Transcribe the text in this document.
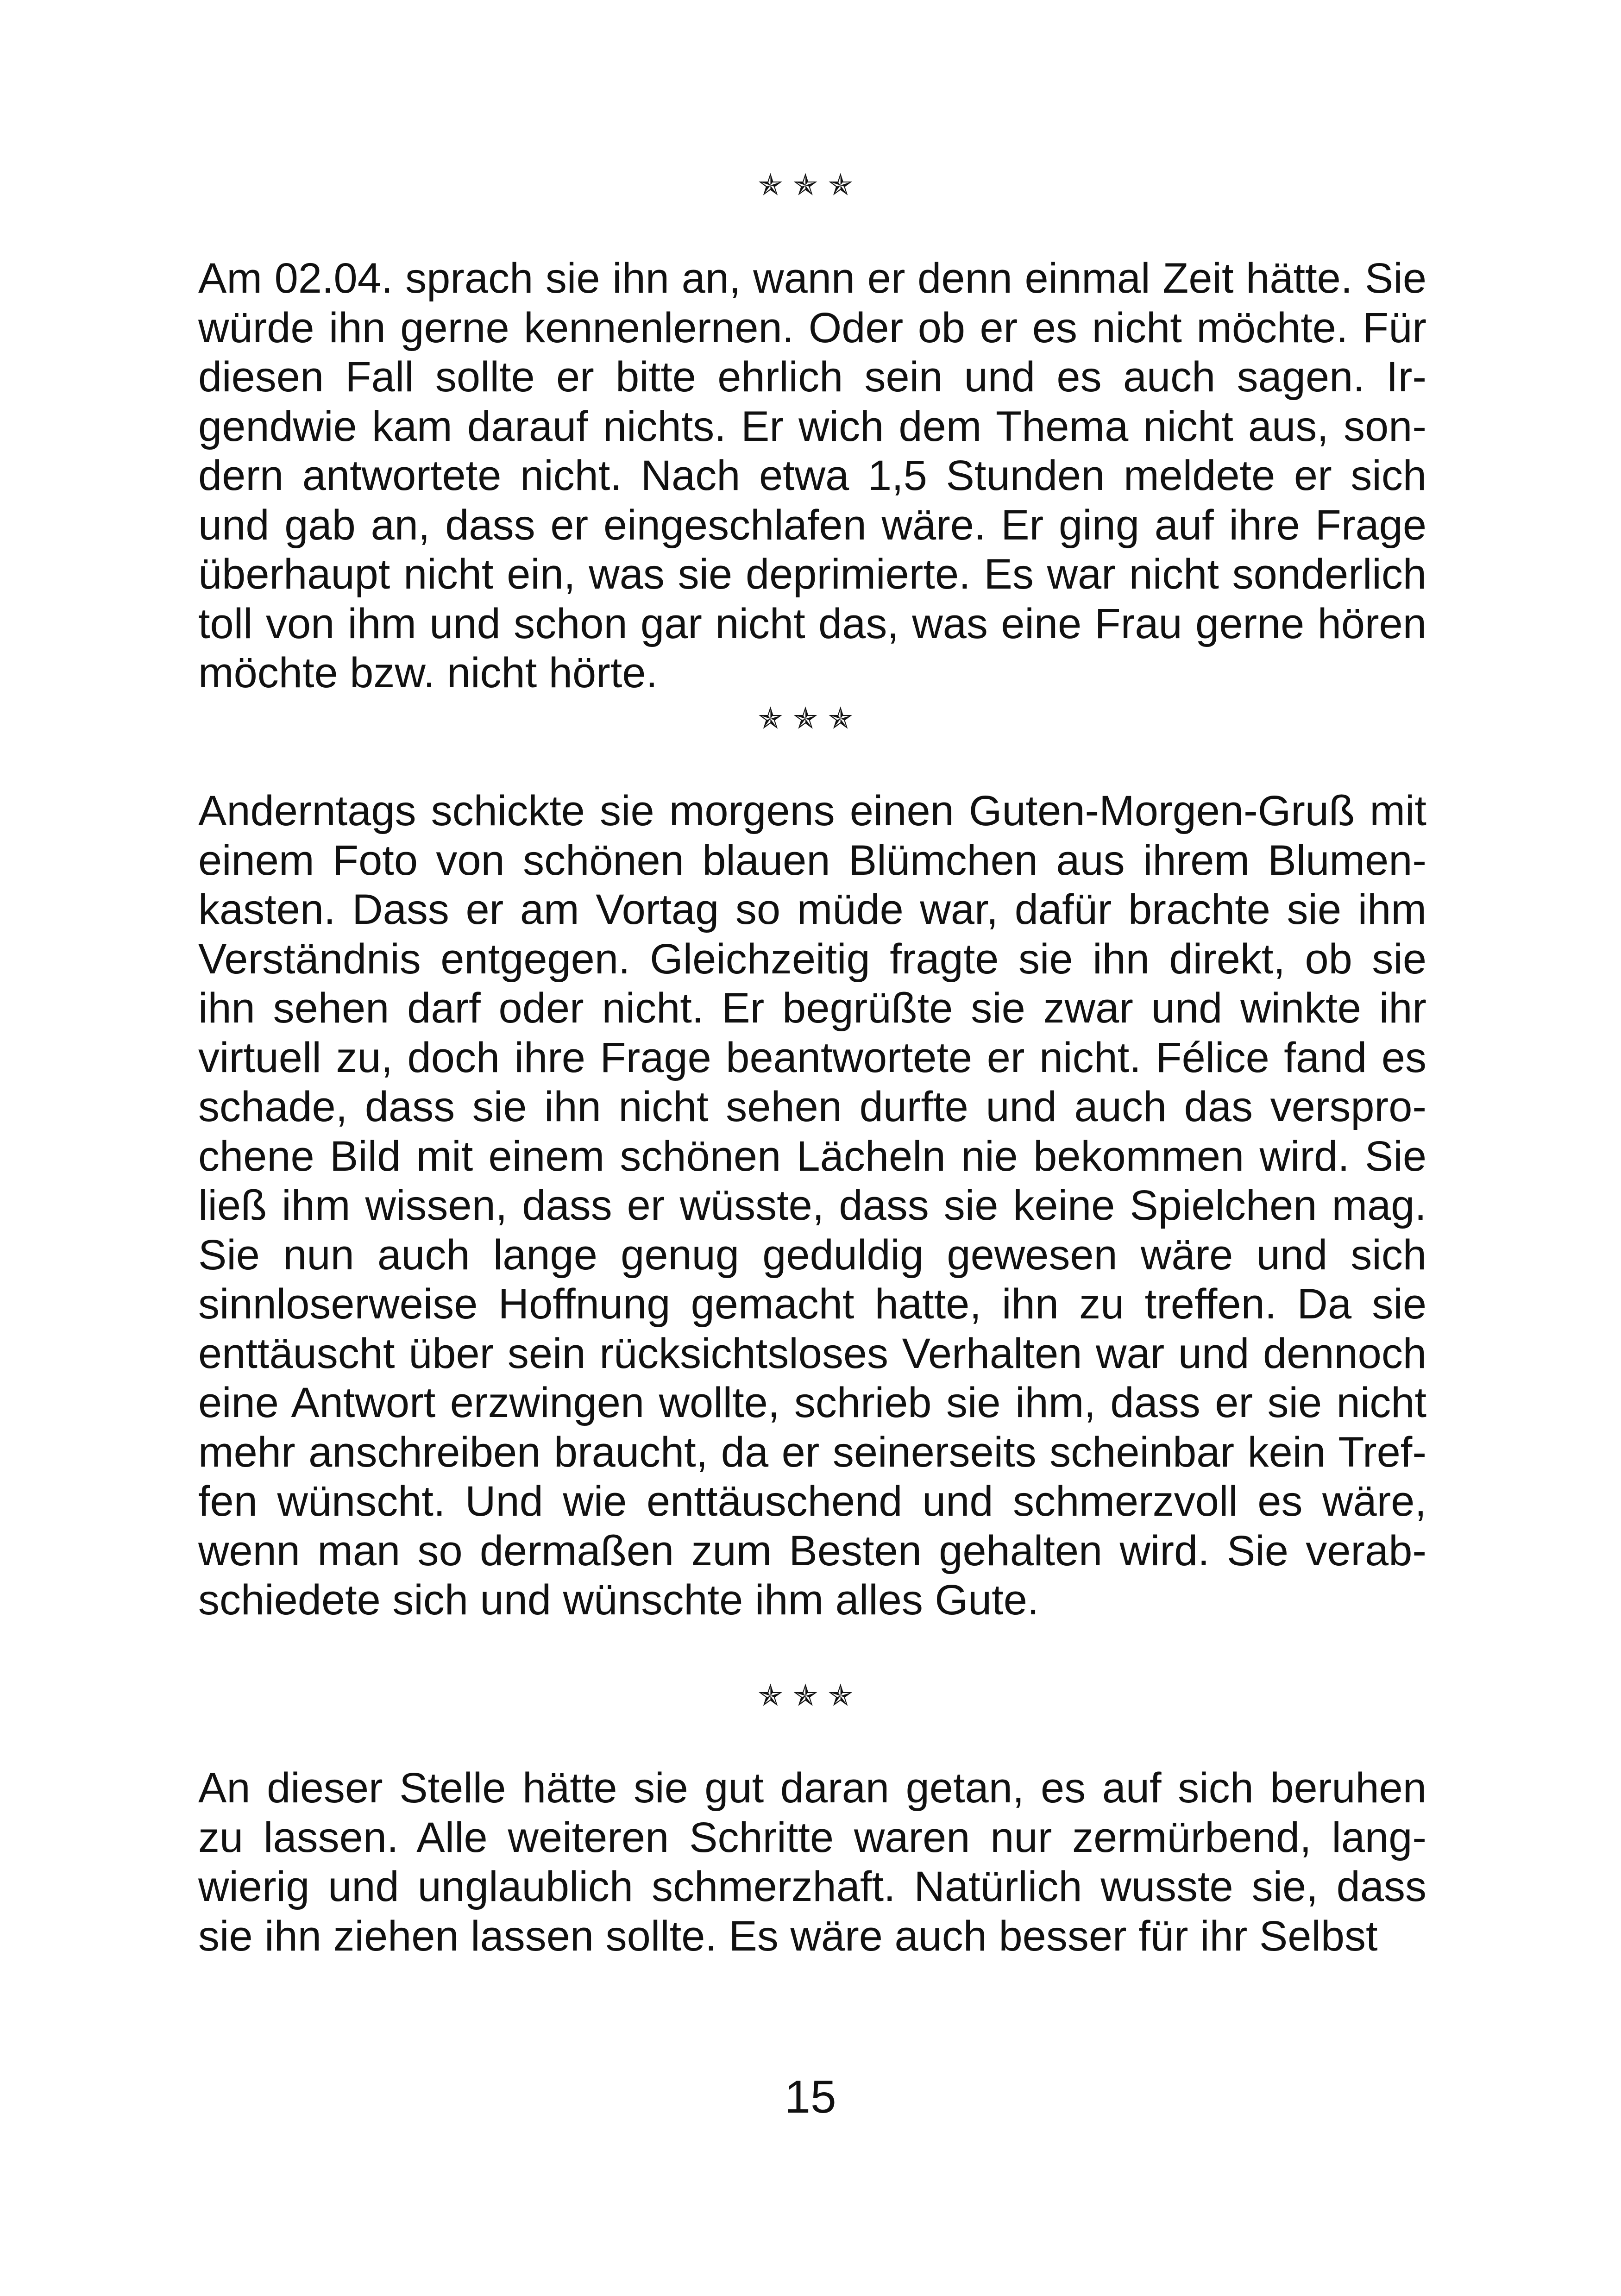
✯✯✯
Am 02.04. sprach sie ihn an, wann er denn einmal Zeit hätte. Sie würde ihn gerne kennenlernen. Oder ob er es nicht möchte. Für diesen Fall sollte er bitte ehrlich sein und es auch sagen. Irgendwie kam darauf nichts. Er wich dem Thema nicht aus, sondern antwortete nicht. Nach etwa 1,5 Stunden meldete er sich und gab an, dass er eingeschlafen wäre. Er ging auf ihre Frage überhaupt nicht ein, was sie deprimierte. Es war nicht sonderlich toll von ihm und schon gar nicht das, was eine Frau gerne hören möchte bzw. nicht hörte.
✯✯✯
Anderntags schickte sie morgens einen Guten-Morgen-Gruß mit einem Foto von schönen blauen Blümchen aus ihrem Blumenkasten. Dass er am Vortag so müde war, dafür brachte sie ihm Verständnis entgegen. Gleichzeitig fragte sie ihn direkt, ob sie ihn sehen darf oder nicht. Er begrüßte sie zwar und winkte ihr virtuell zu, doch ihre Frage beantwortete er nicht. Félice fand es schade, dass sie ihn nicht sehen durfte und auch das versprochene Bild mit einem schönen Lächeln nie bekommen wird. Sie ließ ihm wissen, dass er wüsste, dass sie keine Spielchen mag. Sie nun auch lange genug geduldig gewesen wäre und sich sinnloserweise Hoffnung gemacht hatte, ihn zu treffen. Da sie enttäuscht über sein rücksichtsloses Verhalten war und dennoch eine Antwort erzwingen wollte, schrieb sie ihm, dass er sie nicht mehr anschreiben braucht, da er seinerseits scheinbar kein Treffen wünscht. Und wie enttäuschend und schmerzvoll es wäre, wenn man so dermaßen zum Besten gehalten wird. Sie verabschiedete sich und wünschte ihm alles Gute.
✯✯✯
An dieser Stelle hätte sie gut daran getan, es auf sich beruhen zu lassen. Alle weiteren Schritte waren nur zermürbend, langwierig und unglaublich schmerzhaft. Natürlich wusste sie, dass sie ihn ziehen lassen sollte. Es wäre auch besser für ihr Selbst
15
